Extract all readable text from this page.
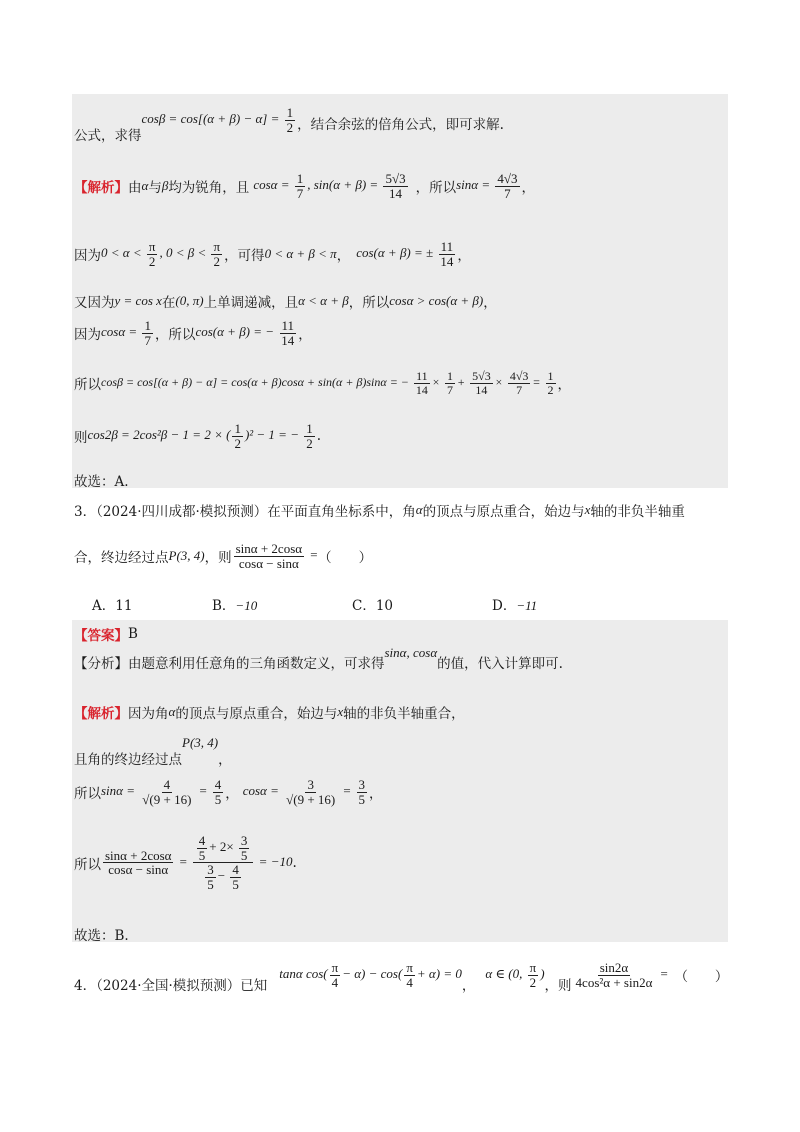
公式，求得
$\cos\beta = \cos[(\alpha + \beta) - \alpha] = \frac{1}{2}$ ，结合余弦的倍角公式，即可求解.
【解析】 由 α 与 β 均为锐角，且 $\cos\alpha = \frac{1}{7}$ , $\sin(\alpha + \beta) = \frac{5√3}{14}$ ， 所以 $\sin\alpha = \frac{4√3}{7}$ ，
因为 $0 < \alpha < \frac{\pi}{2}$ , $0 < \beta < \frac{\pi}{2}$ ，可得 0 < α + β < π ， cos(α + β) = ± $\frac{11}{14}$ ，
又因为 y = cos x 在 (0, π) 上单调递减，且 α < α + β ，所以 cosα > cos(α + β) ，
因为 $\cos\alpha = \frac{1}{7}$ ，所以 cos(α + β) = − $\frac{11}{14}$ ，
所以 cosβ = cos[(α + β) − α] = cos(α + β)cosα + sin(α + β)sinα = − $\frac{11}{14} \times \frac{1}{7} + \frac{5√3}{14} \times \frac{4√3}{7} = \frac{1}{2}$ ，
则 cos2β = 2cos²β − 1 = 2 × ( $\frac{1}{2} )^2 - 1$ = − $\frac{1}{2}$ .
故选：A.
3．（2024·四川成都·模拟预测）在平面直角坐标系中，角 α 的顶点与原点重合，始边与 x 轴的非负半轴重
合，终边经过点 P(3, 4) ，则 $\frac{\sin\alpha + 2\cos\alpha}{\cos\alpha - \sin\alpha}$ = （　　）
A．11	B．−10	C．10	D．−11
【答案】 B
【分析】 由题意利用任意角的三角函数定义，可求得
sinα, cosα
的值，代入计算即可.
【解析】 因为角 α 的顶点与原点重合，始边与 x 轴的非负半轴重合，
且角的终边经过点
P(3, 4)
，
所以 $\sin\alpha = \frac{4}{√(9 + 16)} = \frac{4}{5}$ ， $\cos\alpha = \frac{3}{√(9 + 16)} = \frac{3}{5}$ ，
所以 $\frac{\sin\alpha + 2\cos\alpha}{\cos\alpha - \sin\alpha} = \frac{\frac{4}{5} + 2\times \frac{3}{5}}{\frac{3}{5} - \frac{4}{5}} = -10$ .
故选：B.
4．（2024·全国·模拟预测）已知
tanα $\cos( \frac{\pi}{4} - \alpha) - \cos( \frac{\pi}{4} + \alpha) = 0$
，
α ∈ (0, $\frac{\pi}{2}$ )
，则 $\frac{\sin 2\alpha}{\text{4cos²α + sin2α}}$ = （　　）
